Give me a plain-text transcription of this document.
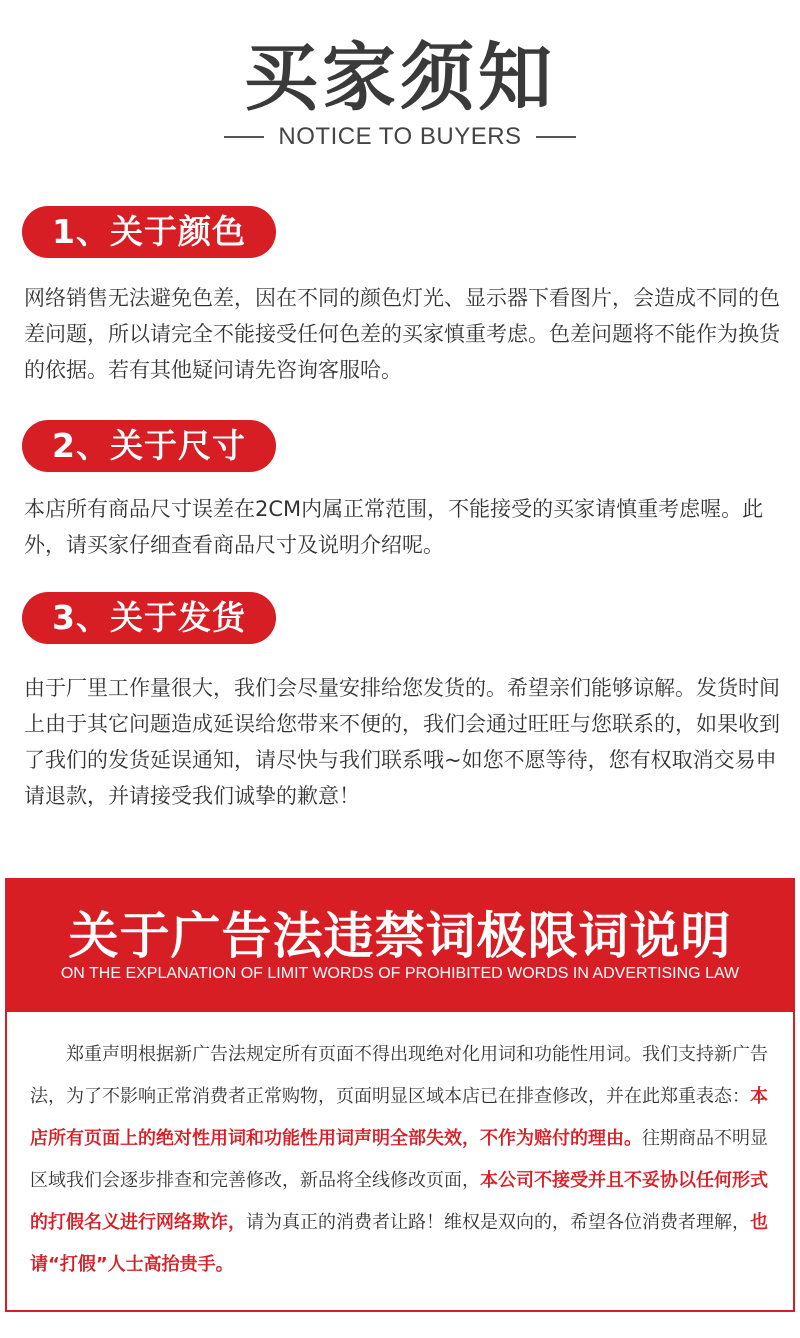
买家须知
NOTICE TO BUYERS
1、关于颜色

网络销售无法避免色差，因在不同的颜色灯光、显示器下看图片，会造成不同的色差问题，所以请完全不能接受任何色差的买家慎重考虑。色差问题将不能作为换货的依据。若有其他疑问请先咨询客服哈。

2、关于尺寸

本店所有商品尺寸误差在2CM内属正常范围，不能接受的买家请慎重考虑喔。此外，请买家仔细查看商品尺寸及说明介绍呢。

3、关于发货

由于厂里工作量很大，我们会尽量安排给您发货的。希望亲们能够谅解。发货时间上由于其它问题造成延误给您带来不便的，我们会通过旺旺与您联系的，如果收到了我们的发货延误通知，请尽快与我们联系哦~如您不愿等待，您有权取消交易申请退款，并请接受我们诚挚的歉意！

关于广告法违禁词极限词说明
ON THE EXPLANATION OF LIMIT WORDS OF PROHIBITED WORDS IN ADVERTISING LAW

郑重声明根据新广告法规定所有页面不得出现绝对化用词和功能性用词。我们支持新广告法，为了不影响正常消费者正常购物，页面明显区域本店已在排查修改，并在此郑重表态：本店所有页面上的绝对性用词和功能性用词声明全部失效，不作为赔付的理由。往期商品不明显区域我们会逐步排查和完善修改，新品将全线修改页面，本公司不接受并且不妥协以任何形式的打假名义进行网络欺诈，请为真正的消费者让路！维权是双向的，希望各位消费者理解，也请“打假”人士高抬贵手。
